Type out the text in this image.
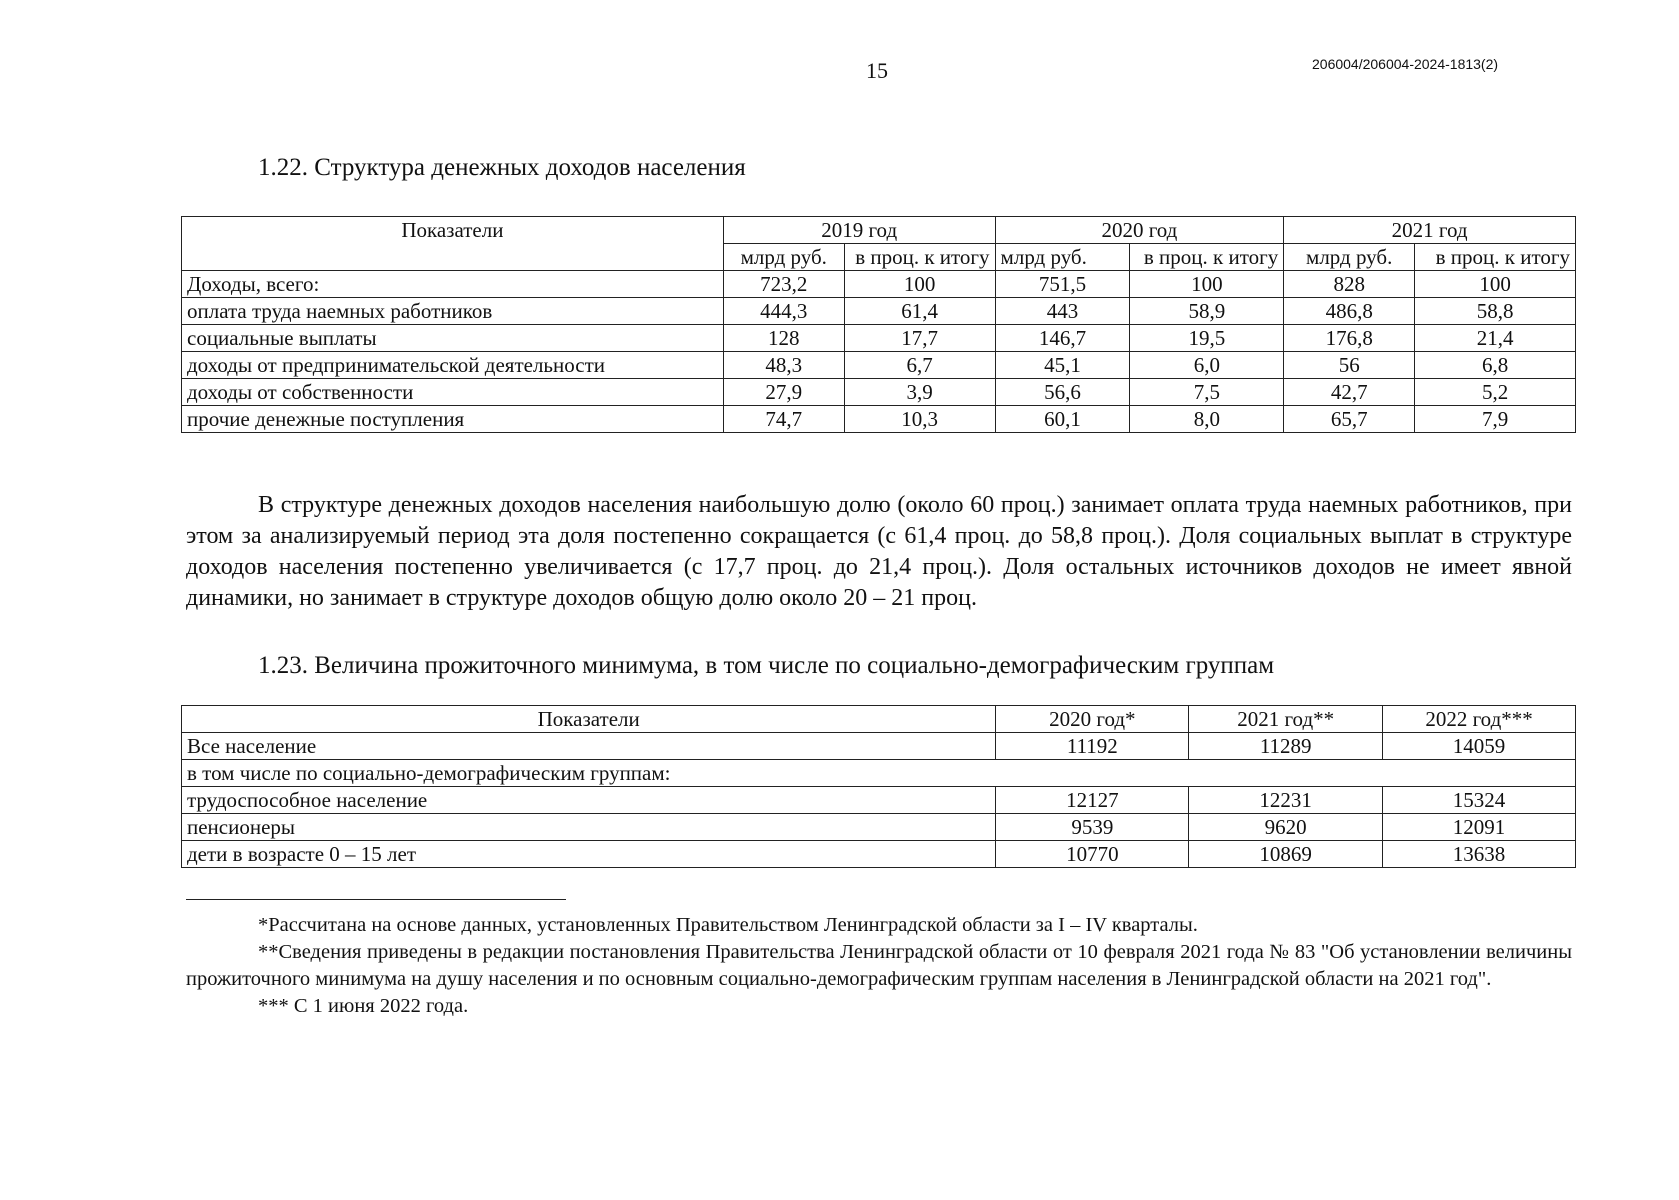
15	206004/206004-2024-1813(2)
1.22. Структура денежных доходов населения
Показатели	2019 год		2020 год		2021 год	
	млрд руб.	в проц. к итогу	млрд руб.	в проц. к итогу	млрд руб.	в проц. к итогу
Доходы, всего:	723,2	100	751,5	100	828	100
оплата труда наемных работников	444,3	61,4	443	58,9	486,8	58,8
социальные выплаты	128	17,7	146,7	19,5	176,8	21,4
доходы от предпринимательской деятельности	48,3	6,7	45,1	6,0	56	6,8
доходы от собственности	27,9	3,9	56,6	7,5	42,7	5,2
прочие денежные поступления	74,7	10,3	60,1	8,0	65,7	7,9
В структуре денежных доходов населения наибольшую долю (около 60 проц.) занимает оплата труда наемных работников, при этом за анализируемый период эта доля постепенно сокращается (с 61,4 проц. до 58,8 проц.). Доля социальных выплат в структуре доходов населения постепенно увеличивается (с 17,7 проц. до 21,4 проц.). Доля остальных источников доходов не имеет явной динамики, но занимает в структуре доходов общую долю около 20 – 21 проц.
1.23. Величина прожиточного минимума, в том числе по социально-демографическим группам
Показатели	2020 год*	2021 год**	2022 год***
Все население	11192	11289	14059
в том числе по социально-демографическим группам:			
трудоспособное население	12127	12231	15324
пенсионеры	9539	9620	12091
дети в возрасте 0 – 15 лет	10770	10869	13638

*Рассчитана на основе данных, установленных Правительством Ленинградской области за I – IV кварталы.

**Сведения приведены в редакции постановления Правительства Ленинградской области от 10 февраля 2021 года № 83 "Об установлении величины прожиточного минимума на душу населения и по основным социально-демографическим группам населения в Ленинградской области на 2021 год".

*** С 1 июня 2022 года.
